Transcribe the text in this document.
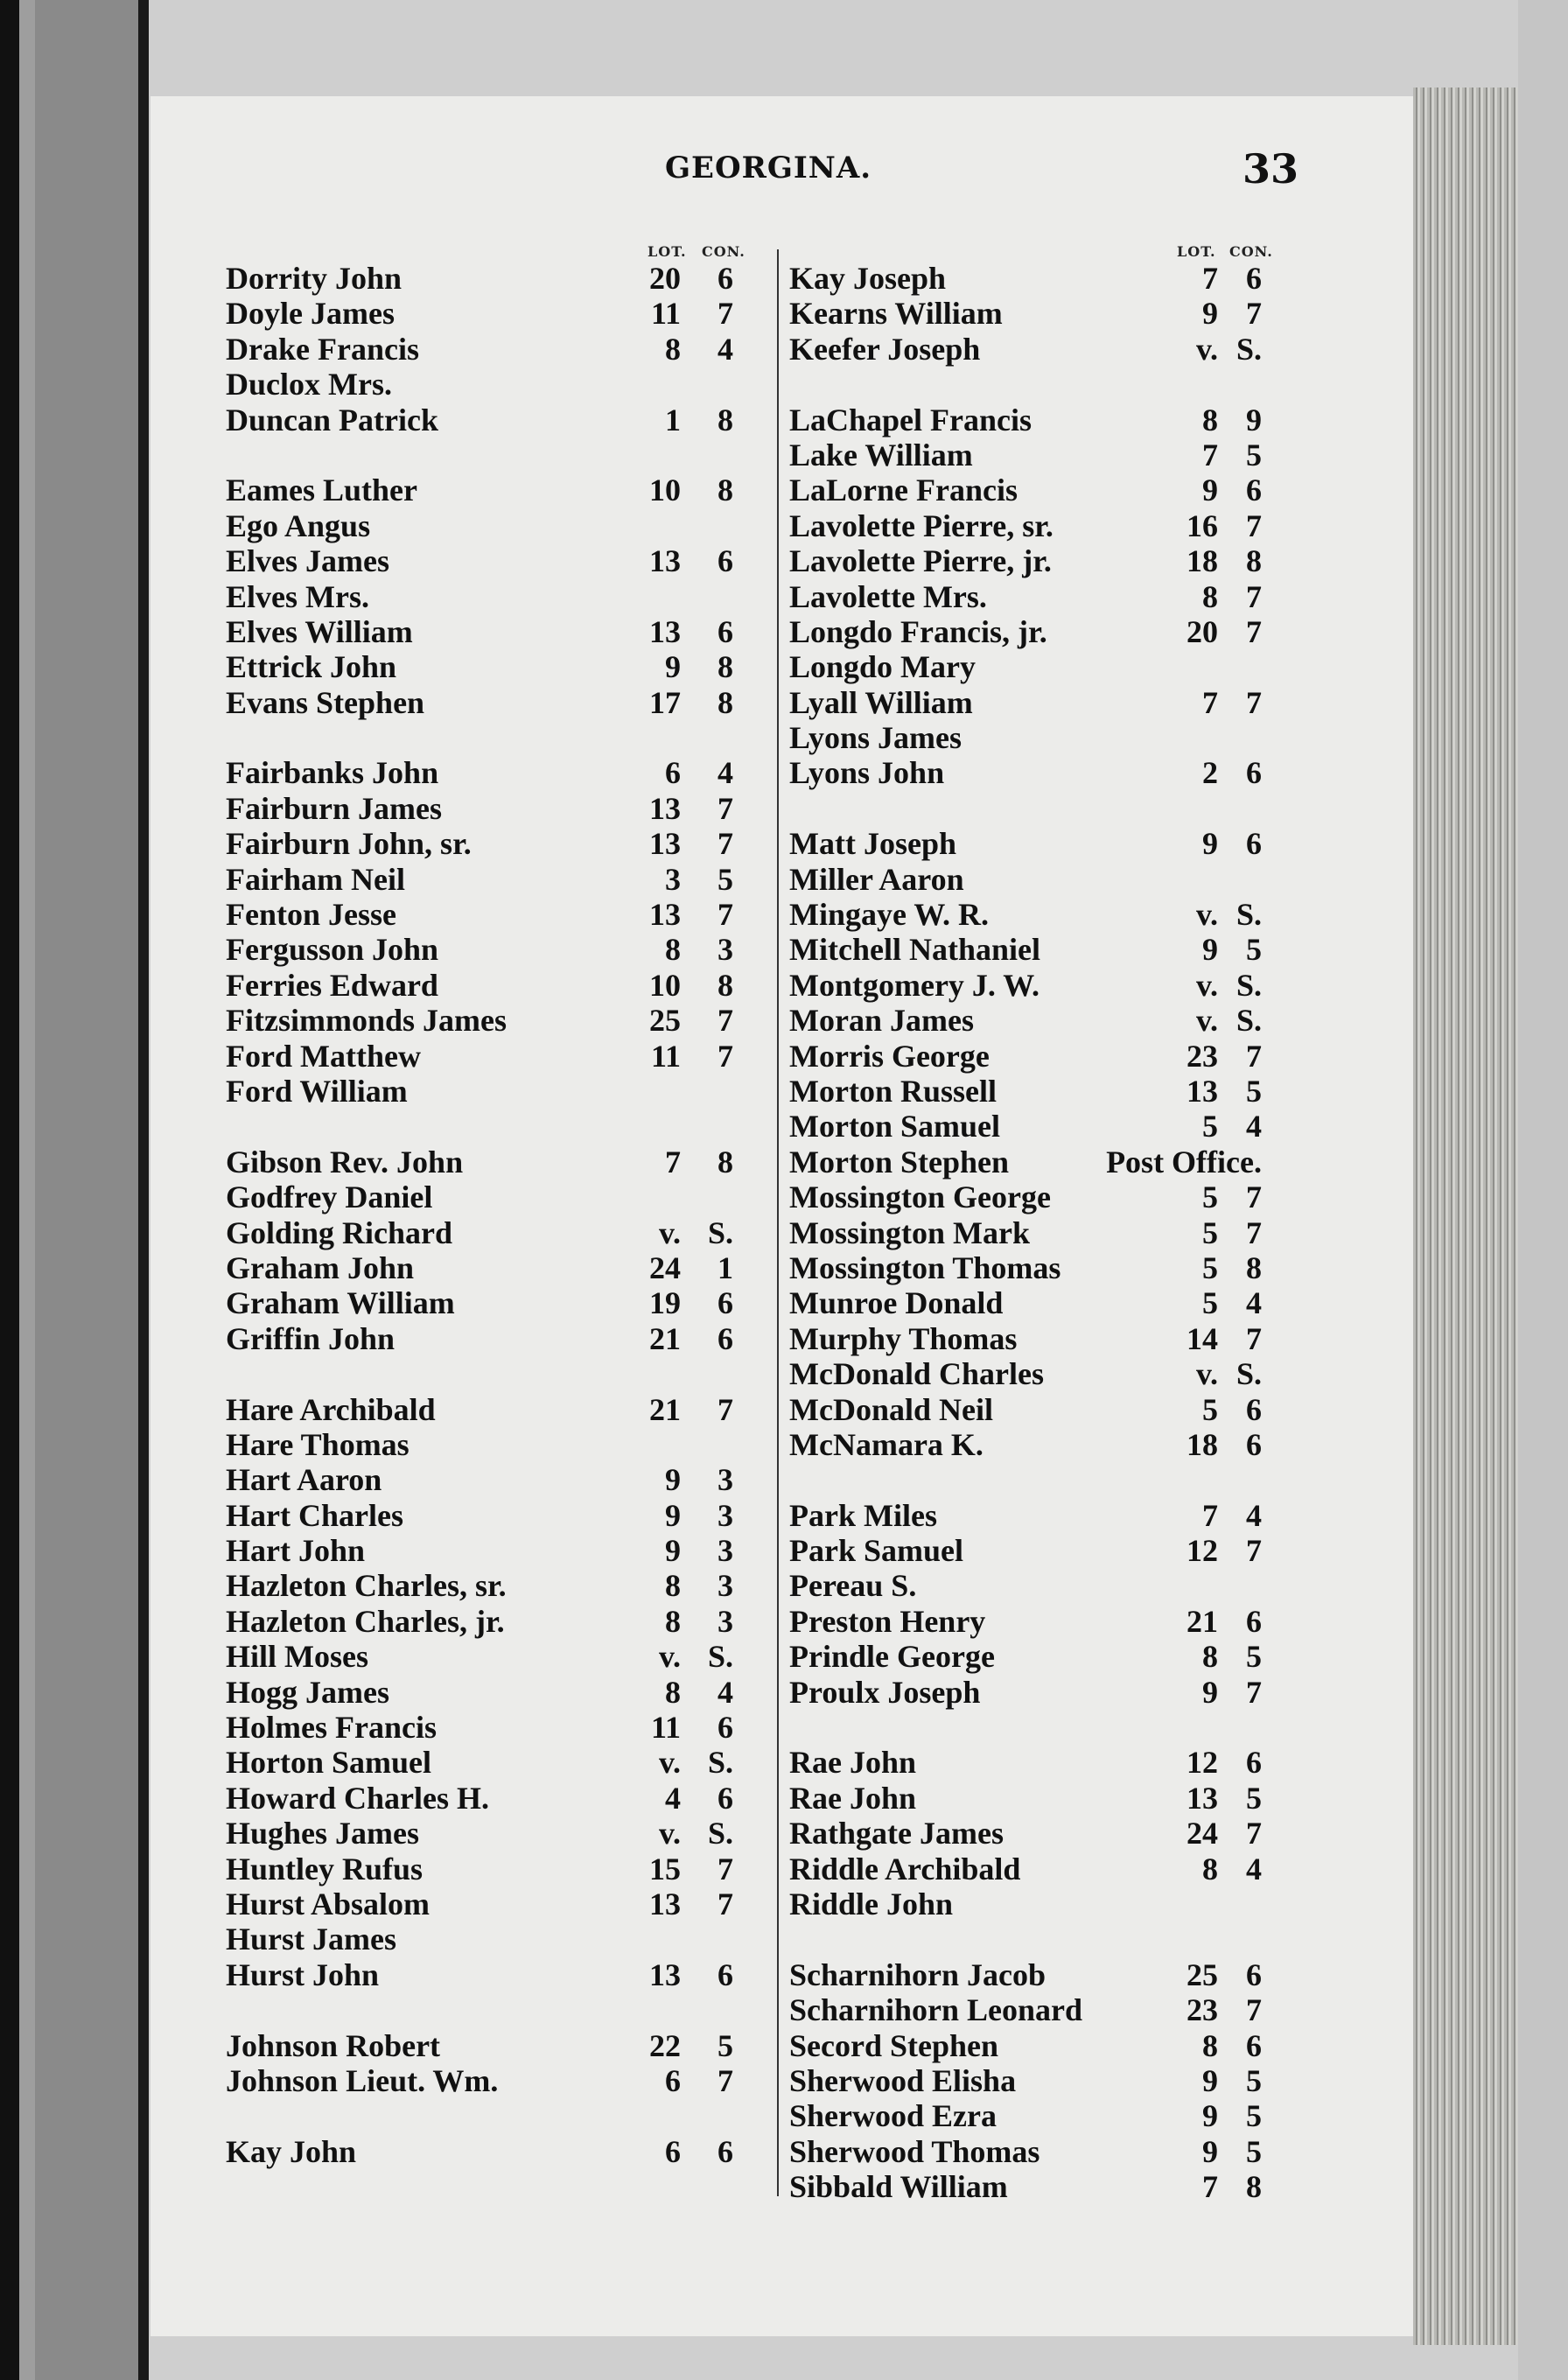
GEORGINA.	33
LOT. CON.	LOT. CON.
Dorrity John	20	6
Doyle James	11	7
Drake Francis	8	4
Duclox Mrs.
Duncan Patrick	1	8
Eames Luther	10	8
Ego Angus
Elves James	13	6
Elves Mrs.
Elves William	13	6
Ettrick John	9	8
Evans Stephen	17	8
Fairbanks John	6	4
Fairburn James	13	7
Fairburn John, sr.	13	7
Fairham Neil	3	5
Fenton Jesse	13	7
Fergusson John	8	3
Ferries Edward	10	8
Fitzsimmonds James	25	7
Ford Matthew	11	7
Ford William
Gibson Rev. John	7	8
Godfrey Daniel
Golding Richard	v. S.
Graham John	24	1
Graham William	19	6
Griffin John	21	6
Hare Archibald	21	7
Hare Thomas
Hart Aaron	9	3
Hart Charles	9	3
Hart John	9	3
Hazleton Charles, sr.	8	3
Hazleton Charles, jr.	8	3
Hill Moses	v. S.
Hogg James	8	4
Holmes Francis	11	6
Horton Samuel	v. S.
Howard Charles H.	4	6
Hughes James	v. S.
Huntley Rufus	15	7
Hurst Absalom	13	7
Hurst James
Hurst John	13	6
Johnson Robert	22	5
Johnson Lieut. Wm.	6	7
Kay John	6	6
Kay Joseph	7 6
Kearns William	9 7
Keefer Joseph	v. S.
LaChapel Francis	8 9
Lake William	7 5
LaLorne Francis	9 6
Lavolette Pierre, sr.	16 7
Lavolette Pierre, jr.	18 8
Lavolette Mrs.	8 7
Longdo Francis, jr.	20 7
Longdo Mary
Lyall William	7 7
Lyons James
Lyons John	2 6
Matt Joseph	9 6
Miller Aaron
Mingaye W. R.	v. S.
Mitchell Nathaniel	9 5
Montgomery J. W.	v. S.
Moran James	v. S.
Morris George	23 7
Morton Russell	13 5
Morton Samuel	5 4
Morton Stephen	Post Office.
Mossington George	5 7
Mossington Mark	5 7
Mossington Thomas	5 8
Munroe Donald	5 4
Murphy Thomas	14 7
McDonald Charles	v. S.
McDonald Neil	5 6
McNamara K.	18 6
Park Miles	7 4
Park Samuel	12 7
Pereau S.
Preston Henry	21 6
Prindle George	8 5
Proulx Joseph	9 7
Rae John	12 6
Rae John	13 5
Rathgate James	24 7
Riddle Archibald	8 4
Riddle John
Scharnihorn Jacob	25 6
Scharnihorn Leonard	23 7
Secord Stephen	8 6
Sherwood Elisha	9 5
Sherwood Ezra	9 5
Sherwood Thomas	9 5
Sibbald William	7 8
